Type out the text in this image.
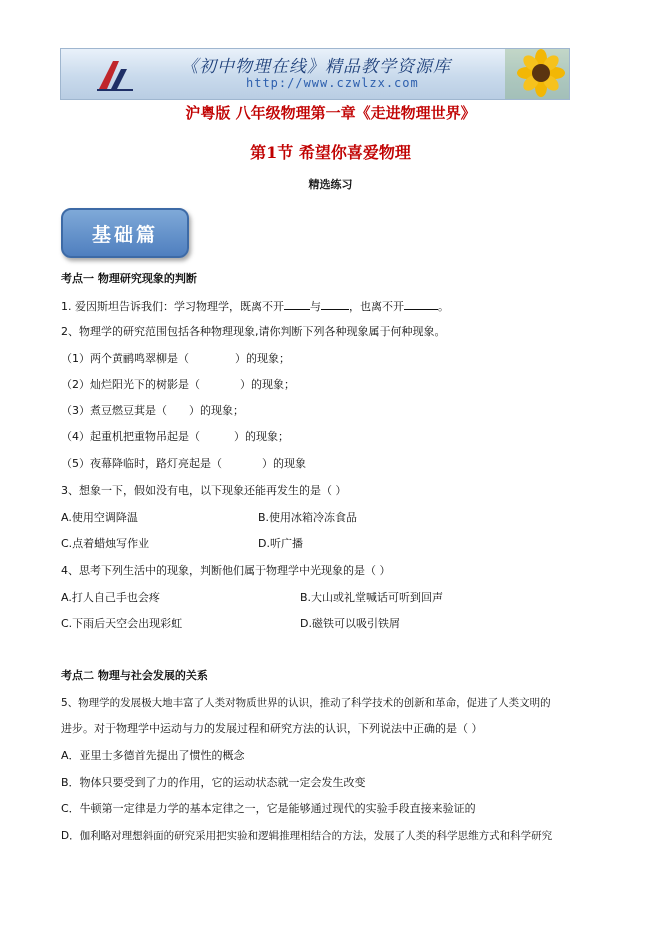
《初中物理在线》精品教学资源库
http://www.czwlzx.com
沪粤版 八年级物理第一章《走进物理世界》
第1节 希望你喜爱物理
精选练习
基础篇
考点一 物理研究现象的判断
1. 爱因斯坦告诉我们：学习物理学，既离不开 与	，也离不开	。
2、物理学的研究范围包括各种物理现象,请你判断下列各种现象属于何种现象。
（1）两个黄鹂鸣翠柳是（	）的现象；
（2）灿烂阳光下的树影是（	）的现象；
（3）煮豆燃豆萁是（ ）的现象；
（4）起重机把重物吊起是（	）的现象；
（5）夜幕降临时，路灯亮起是（	）的现象
3、想象一下，假如没有电，以下现象还能再发生的是（ ）
A.使用空调降温	B.使用冰箱冷冻食品
C.点着蜡烛写作业	D.听广播
4、思考下列生活中的现象，判断他们属于物理学中光现象的是（ ）
A.打人自己手也会疼	B.大山或礼堂喊话可听到回声
C.下雨后天空会出现彩虹	D.磁铁可以吸引铁屑
考点二 物理与社会发展的关系
5、物理学的发展极大地丰富了人类对物质世界的认识，推动了科学技术的创新和革命，促进了人类文明的
进步。对于物理学中运动与力的发展过程和研究方法的认识，下列说法中正确的是（ ）
A．亚里士多德首先提出了惯性的概念
B．物体只要受到了力的作用，它的运动状态就一定会发生改变
C．牛顿第一定律是力学的基本定律之一，它是能够通过现代的实验手段直接来验证的
D．伽利略对理想斜面的研究采用把实验和逻辑推理相结合的方法，发展了人类的科学思维方式和科学研究
